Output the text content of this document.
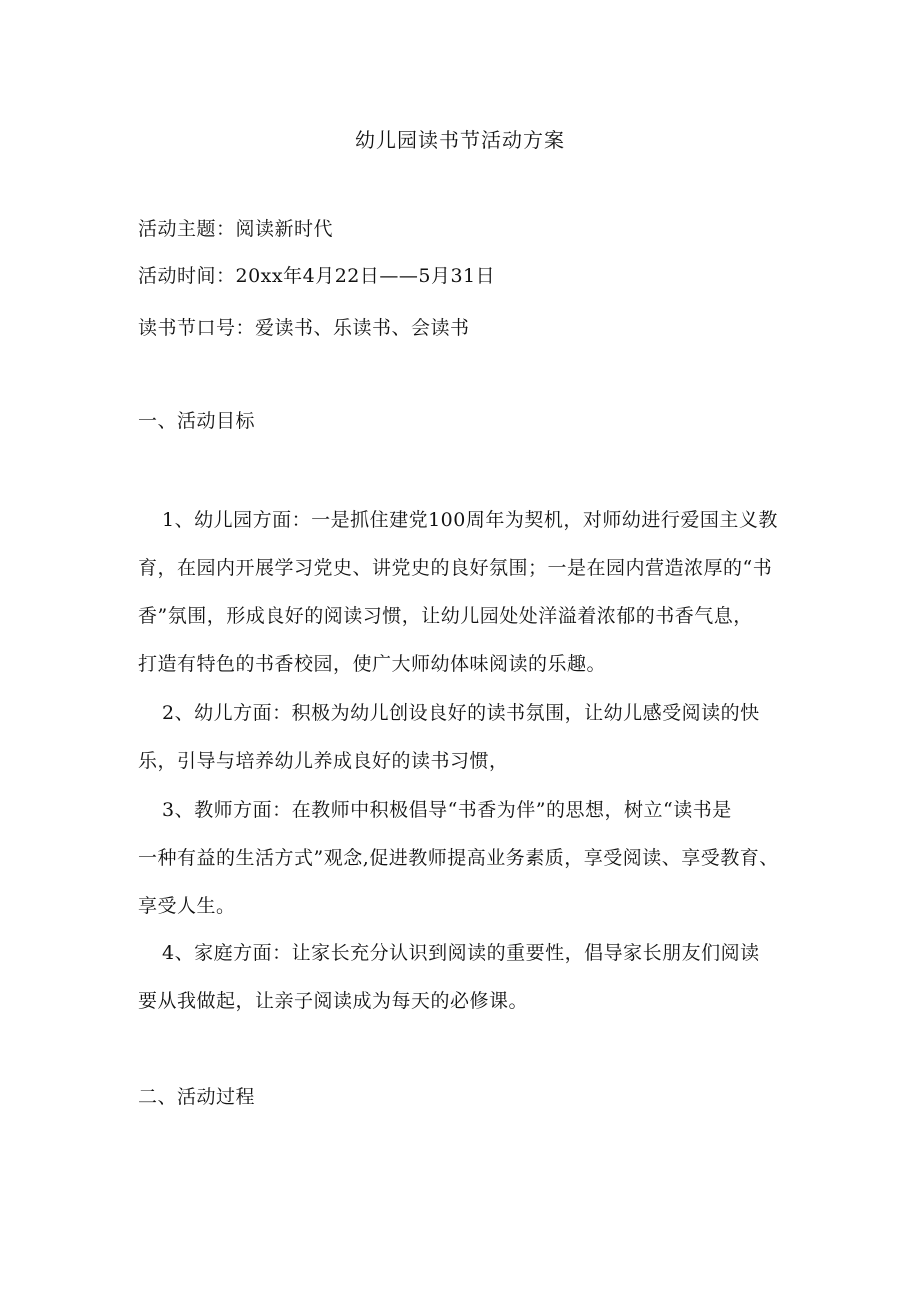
幼儿园读书节活动方案
活动主题：阅读新时代
活动时间：20xx年4月22日——5月31日
读书节口号：爱读书、乐读书、会读书
一、活动目标
1、幼儿园方面：一是抓住建党100周年为契机，对师幼进行爱国主义教
育，在园内开展学习党史、讲党史的良好氛围；一是在园内营造浓厚的“书
香”氛围，形成良好的阅读习惯，让幼儿园处处洋溢着浓郁的书香气息，
打造有特色的书香校园，使广大师幼体味阅读的乐趣。
2、幼儿方面：积极为幼儿创设良好的读书氛围，让幼儿感受阅读的快
乐，引导与培养幼儿养成良好的读书习惯，
3、教师方面：在教师中积极倡导“书香为伴”的思想，树立“读书是
一种有益的生活方式”观念,促进教师提高业务素质，享受阅读、享受教育、
享受人生。
4、家庭方面：让家长充分认识到阅读的重要性，倡导家长朋友们阅读
要从我做起，让亲子阅读成为每天的必修课。
二、活动过程
